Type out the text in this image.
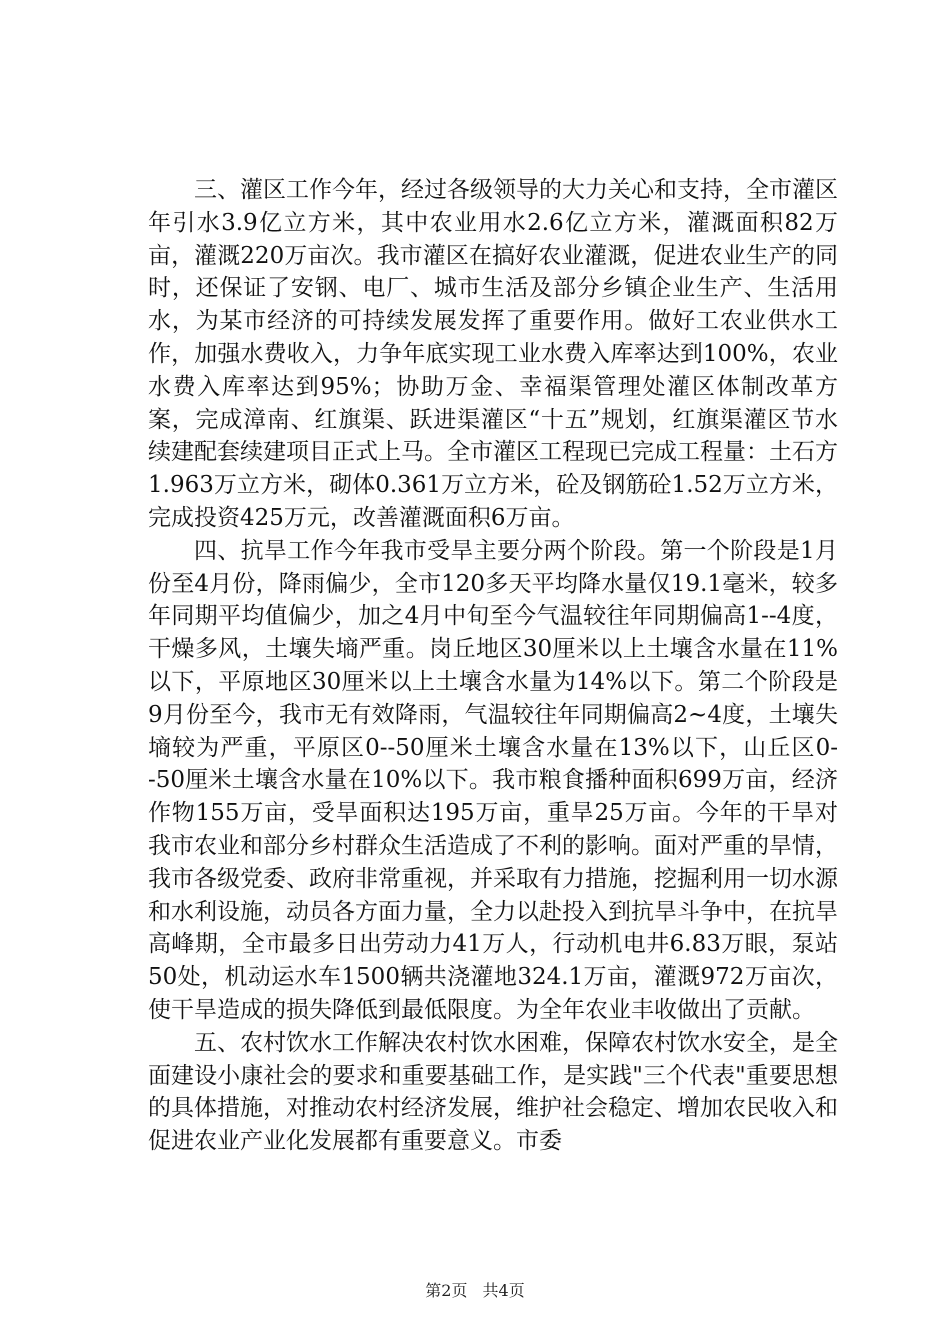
三、灌区工作今年，经过各级领导的大力关心和支持，全市灌区年引水3.9亿立方米，其中农业用水2.6亿立方米，灌溉面积82万亩，灌溉220万亩次。我市灌区在搞好农业灌溉，促进农业生产的同时，还保证了安钢、电厂、城市生活及部分乡镇企业生产、生活用水，为某市经济的可持续发展发挥了重要作用。做好工农业供水工作，加强水费收入，力争年底实现工业水费入库率达到100%，农业水费入库率达到95%；协助万金、幸福渠管理处灌区体制改革方案，完成漳南、红旗渠、跃进渠灌区“十五”规划，红旗渠灌区节水续建配套续建项目正式上马。全市灌区工程现已完成工程量：土石方1.963万立方米，砌体0.361万立方米，砼及钢筋砼1.52万立方米，完成投资425万元，改善灌溉面积6万亩。

四、抗旱工作今年我市受旱主要分两个阶段。第一个阶段是1月份至4月份，降雨偏少，全市120多天平均降水量仅19.1毫米，较多年同期平均值偏少，加之4月中旬至今气温较往年同期偏高1--4度，干燥多风，土壤失墒严重。岗丘地区30厘米以上土壤含水量在11%以下，平原地区30厘米以上土壤含水量为14%以下。第二个阶段是9月份至今，我市无有效降雨，气温较往年同期偏高2~4度，土壤失墒较为严重，平原区0--50厘米土壤含水量在13%以下，山丘区0--50厘米土壤含水量在10%以下。我市粮食播种面积699万亩，经济作物155万亩，受旱面积达195万亩，重旱25万亩。今年的干旱对我市农业和部分乡村群众生活造成了不利的影响。面对严重的旱情，我市各级党委、政府非常重视，并采取有力措施，挖掘利用一切水源和水利设施，动员各方面力量，全力以赴投入到抗旱斗争中，在抗旱高峰期，全市最多日出劳动力41万人，行动机电井6.83万眼，泵站50处，机动运水车1500辆共浇灌地324.1万亩，灌溉972万亩次，使干旱造成的损失降低到最低限度。为全年农业丰收做出了贡献。

五、农村饮水工作解决农村饮水困难，保障农村饮水安全，是全面建设小康社会的要求和重要基础工作，是实践"三个代表"重要思想的具体措施，对推动农村经济发展，维护社会稳定、增加农民收入和促进农业产业化发展都有重要意义。市委

第2页 共4页
